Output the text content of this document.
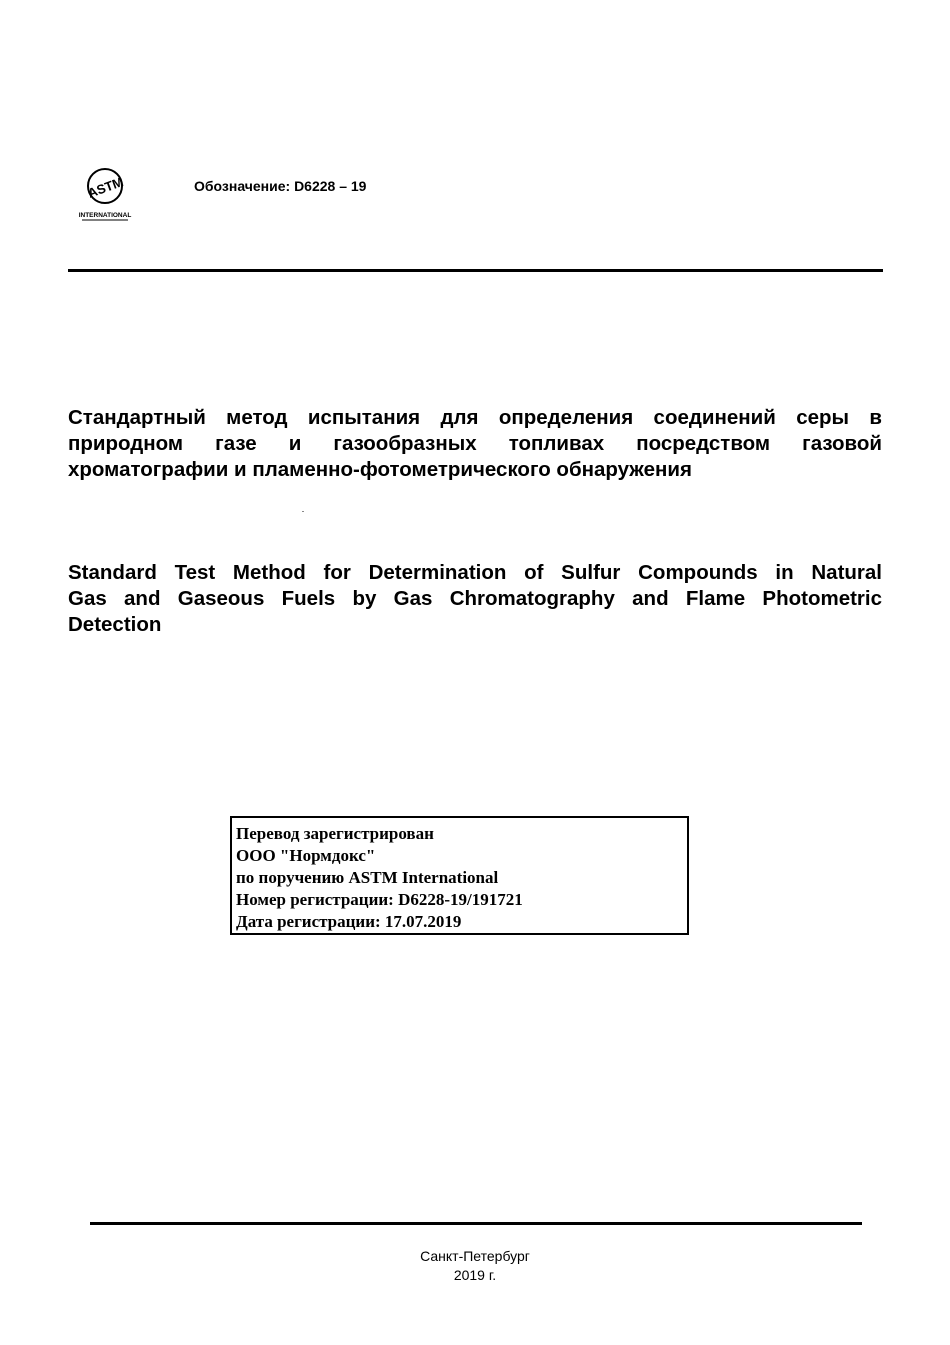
ASTM
INTERNATIONAL
Обозначение: D6228 – 19
Стандартный метод испытания для определения соединений серы в
природном газе и газообразных топливах посредством газовой
хроматографии и пламенно-фотометрического обнаружения
Standard Test Method for Determination of Sulfur Compounds in Natural
Gas and Gaseous Fuels by Gas Chromatography and Flame Photometric
Detection
Перевод зарегистрирован
ООО "Нормдокс"
по поручению ASTM International
Номер регистрации: D6228-19/191721
Дата регистрации: 17.07.2019
Санкт-Петербург
2019 г.
